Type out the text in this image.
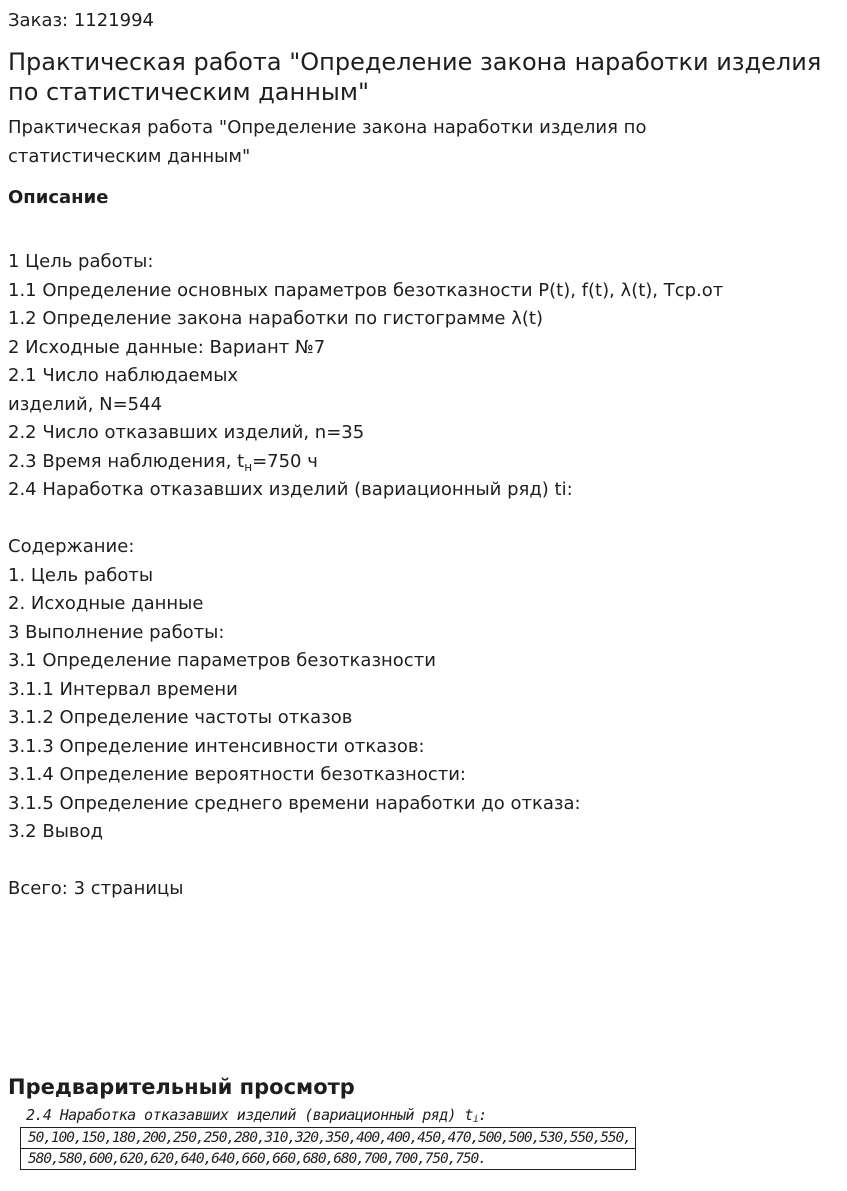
Заказ: 1121994
Практическая работа "Определение закона наработки изделия по статистическим данным"

Практическая работа "Определение закона наработки изделия по статистическим данным"

Описание
1 Цель работы:
1.1 Определение основных параметров безотказности P(t), f(t), λ(t), Тср.от
1.2 Определение закона наработки по гистограмме λ(t)
2 Исходные данные: Вариант №7
2.1 Число наблюдаемых
изделий, N=544
2.2 Число отказавших изделий, n=35
2.3 Время наблюдения, $t_н=750$ ч
2.4 Наработка отказавших изделий (вариационный ряд) ti:
Содержание:
1. Цель работы
2. Исходные данные
3 Выполнение работы:
3.1 Определение параметров безотказности
3.1.1 Интервал времени
3.1.2 Определение частоты отказов
3.1.3 Определение интенсивности отказов:
3.1.4 Определение вероятности безотказности:
3.1.5 Определение среднего времени наработки до отказа:
3.2 Вывод
Всего: 3 страницы
Предварительный просмотр
2.4 Наработка отказавших изделий (вариационный ряд) $t_i$:
50,100,150,180,200,250,250,280,310,320,350,400,400,450,470,500,500,530,550,550,
580,580,600,620,620,640,640,660,660,680,680,700,700,750,750.
